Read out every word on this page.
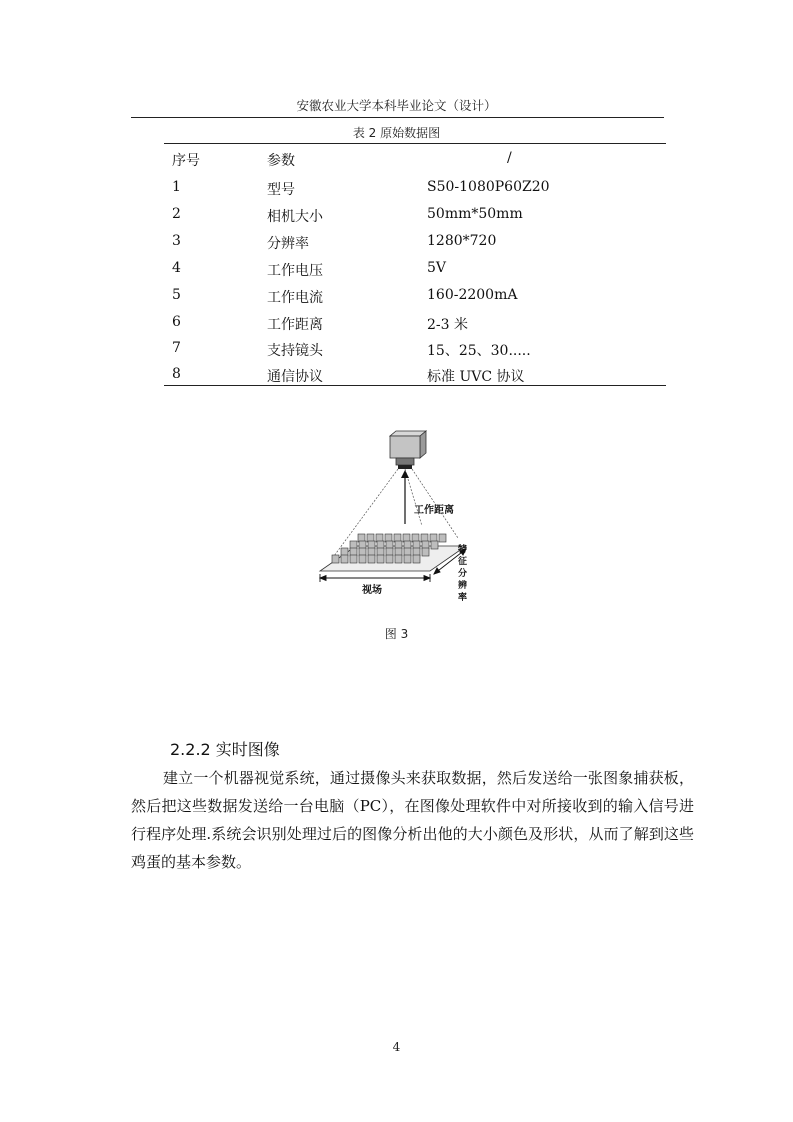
安徽农业大学本科毕业论文（设计）
表 2 原始数据图
序号	参数	/
1	型号	S50-1080P60Z20
2	相机大小	50mm*50mm
3	分辨率	1280*720
4	工作电压	5V
5	工作电流	160-2200mA
6	工作距离	2-3 米
7	支持镜头	15、25、30.....
8	通信协议	标准 UVC 协议
工作距离
视场
特
征
分
辨
率
图 3
2.2.2 实时图像

建立一个机器视觉系统，通过摄像头来获取数据，然后发送给一张图象捕获板，然后把这些数据发送给一台电脑（PC），在图像处理软件中对所接收到的输入信号进行程序处理.系统会识别处理过后的图像分析出他的大小颜色及形状，从而了解到这些鸡蛋的基本参数。

4
